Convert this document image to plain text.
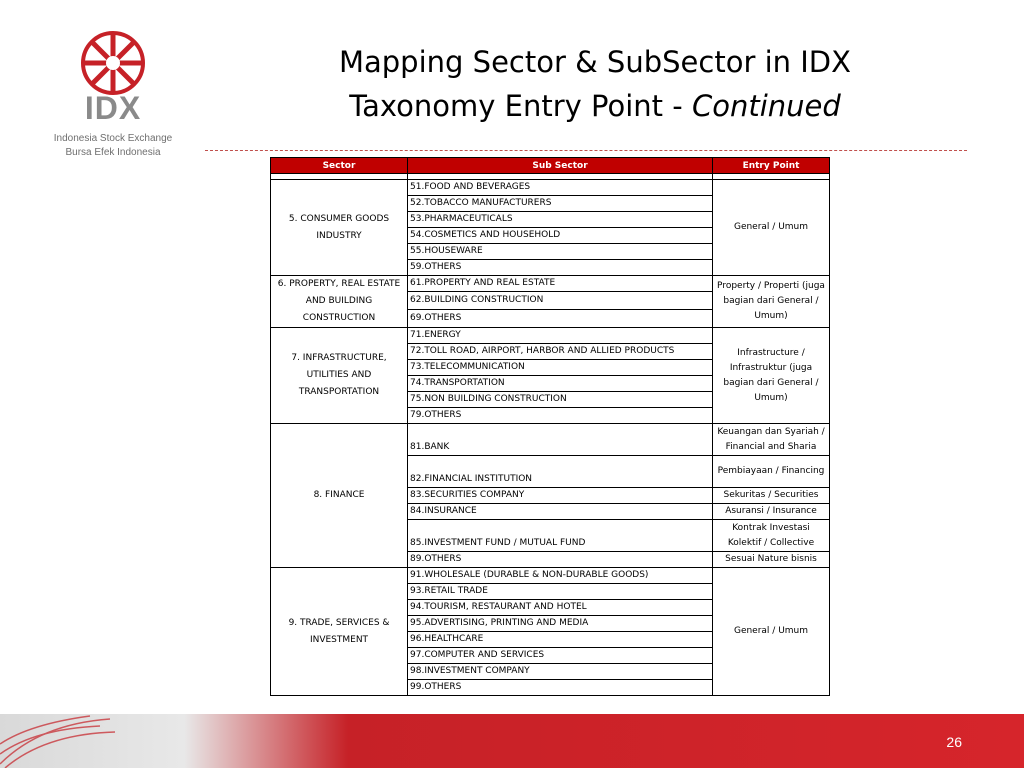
IDX
Indonesia Stock Exchange
Bursa Efek Indonesia
Mapping Sector & SubSector in IDX
Taxonomy Entry Point - Continued
Sector	Sub Sector	Entry Point

5. CONSUMER GOODS INDUSTRY	51.FOOD AND BEVERAGES	General / Umum
	52.TOBACCO MANUFACTURERS	
	53.PHARMACEUTICALS	
	54.COSMETICS AND HOUSEHOLD	
	55.HOUSEWARE	
	59.OTHERS	
6. PROPERTY, REAL ESTATE AND BUILDING CONSTRUCTION	61.PROPERTY AND REAL ESTATE	Property / Properti (juga bagian dari General / Umum)
	62.BUILDING CONSTRUCTION	
	69.OTHERS	
7. INFRASTRUCTURE, UTILITIES AND TRANSPORTATION	71.ENERGY	Infrastructure / Infrastruktur (juga bagian dari General / Umum)
	72.TOLL ROAD, AIRPORT, HARBOR AND ALLIED PRODUCTS	
	73.TELECOMMUNICATION	
	74.TRANSPORTATION	
	75.NON BUILDING CONSTRUCTION	
	79.OTHERS	
8. FINANCE	81.BANK	Keuangan dan Syariah / Financial and Sharia
	82.FINANCIAL INSTITUTION	Pembiayaan / Financing
	83.SECURITIES COMPANY	Sekuritas / Securities
	84.INSURANCE	Asuransi / Insurance
	85.INVESTMENT FUND / MUTUAL FUND	Kontrak Investasi Kolektif / Collective
	89.OTHERS	Sesuai Nature bisnis
9. TRADE, SERVICES & INVESTMENT	91.WHOLESALE (DURABLE & NON-DURABLE GOODS)	General / Umum
	93.RETAIL TRADE	
	94.TOURISM, RESTAURANT AND HOTEL	
	95.ADVERTISING, PRINTING AND MEDIA	
	96.HEALTHCARE	
	97.COMPUTER AND SERVICES	
	98.INVESTMENT COMPANY	
	99.OTHERS	
26
